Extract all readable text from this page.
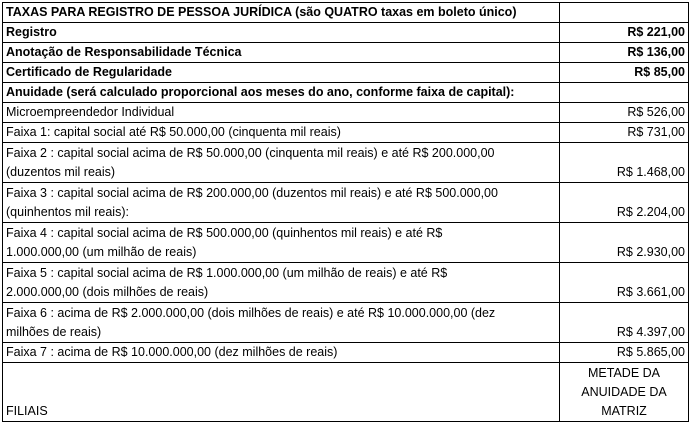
TAXAS PARA REGISTRO DE PESSOA JURÍDICA (são QUATRO taxas em boleto único)	
Registro	R$ 221,00
Anotação de Responsabilidade Técnica	R$ 136,00
Certificado de Regularidade	R$ 85,00
Anuidade (será calculado proporcional aos meses do ano, conforme faixa de capital):	
Microempreendedor Individual	R$ 526,00
Faixa 1: capital social até R$ 50.000,00 (cinquenta mil reais)	R$ 731,00
Faixa 2 : capital social acima de R$ 50.000,00 (cinquenta mil reais) e até R$ 200.000,00
(duzentos mil reais)	R$ 1.468,00
Faixa 3 : capital social acima de R$ 200.000,00 (duzentos mil reais) e até R$ 500.000,00
(quinhentos mil reais):	R$ 2.204,00
Faixa 4 : capital social acima de R$ 500.000,00 (quinhentos mil reais) e até R$
1.000.000,00 (um milhão de reais)	R$ 2.930,00
Faixa 5 : capital social acima de R$ 1.000.000,00 (um milhão de reais) e até R$
2.000.000,00 (dois milhões de reais)	R$ 3.661,00
Faixa 6 : acima de R$ 2.000.000,00 (dois milhões de reais) e até R$ 10.000.000,00 (dez
milhões de reais)	R$ 4.397,00
Faixa 7 : acima de R$ 10.000.000,00 (dez milhões de reais)	R$ 5.865,00
FILIAIS	METADE DA
ANUIDADE DA
MATRIZ
